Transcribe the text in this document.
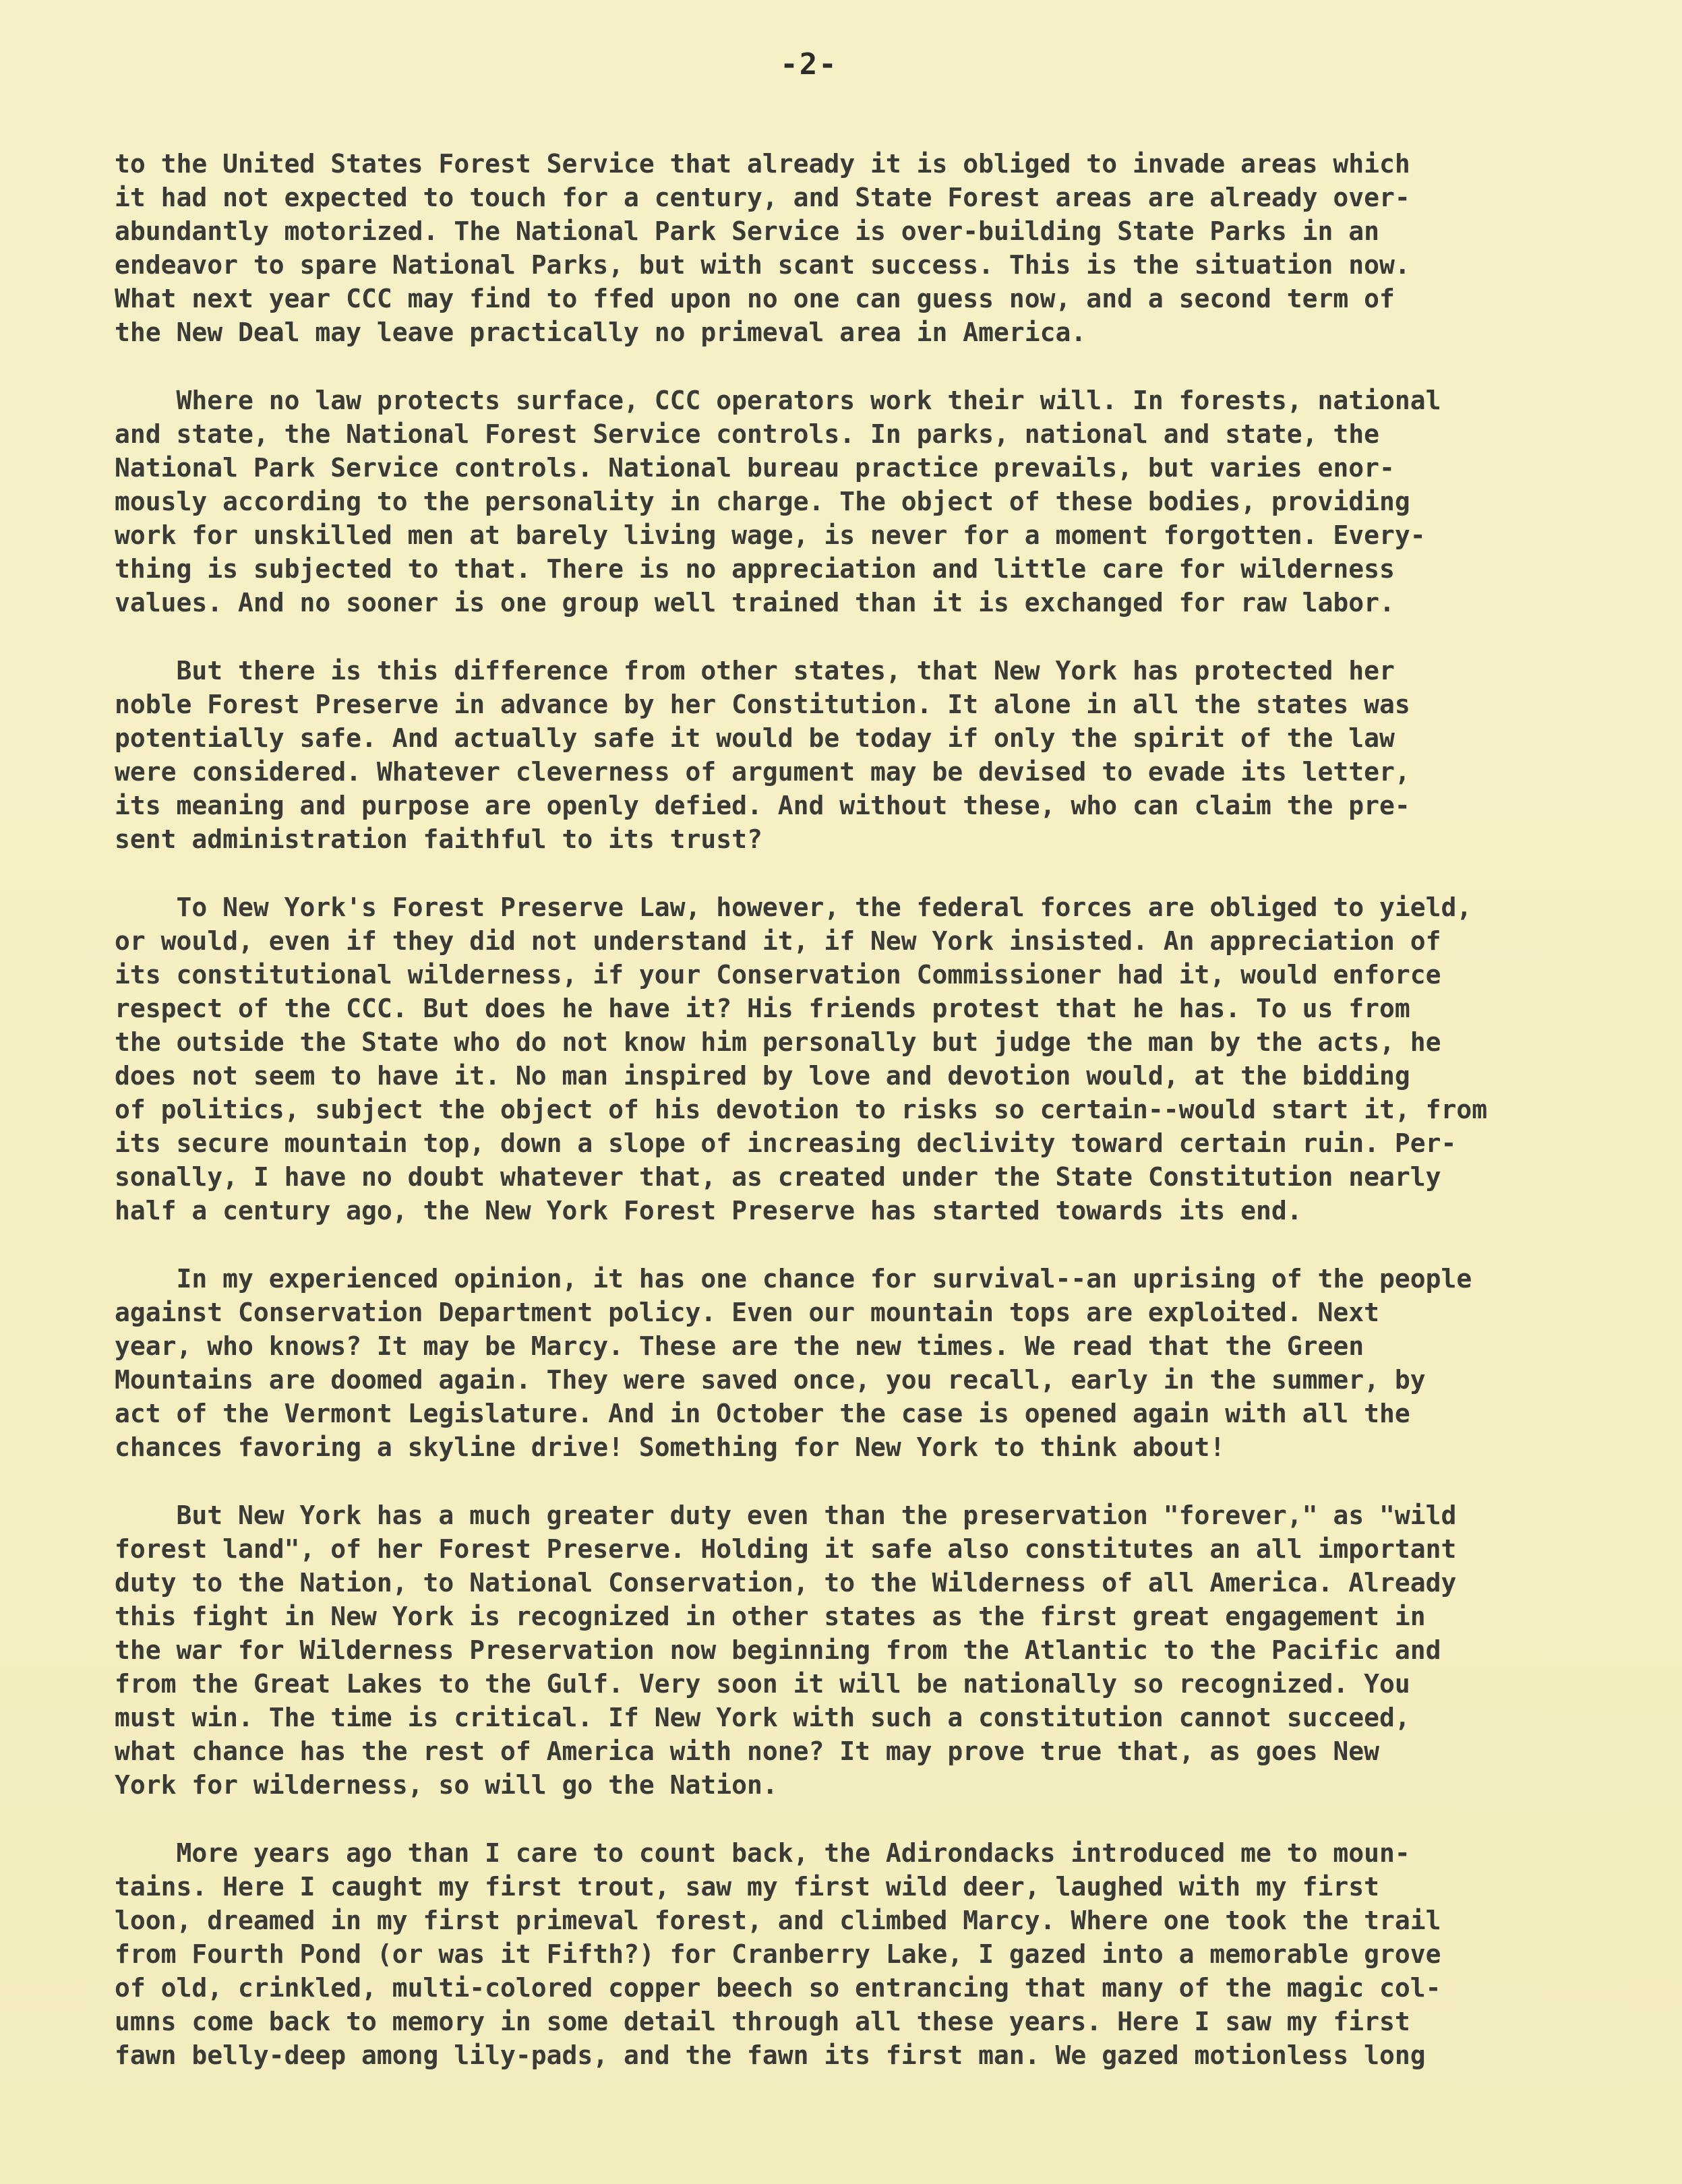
-2-
to the United States Forest Service that already it is obliged to invade areas which
it had not expected to touch for a century, and State Forest areas are already over-
abundantly motorized. The National Park Service is over-building State Parks in an
endeavor to spare National Parks, but with scant success. This is the situation now.
What next year CCC may find to ffed upon no one can guess now, and a second term of
the New Deal may leave practically no primeval area in America.
Where no law protects surface, CCC operators work their will. In forests, national
and state, the National Forest Service controls. In parks, national and state, the
National Park Service controls. National bureau practice prevails, but varies enor-
mously according to the personality in charge. The object of these bodies, providing
work for unskilled men at barely living wage, is never for a moment forgotten. Every-
thing is subjected to that. There is no appreciation and little care for wilderness
values. And no sooner is one group well trained than it is exchanged for raw labor.
But there is this difference from other states, that New York has protected her
noble Forest Preserve in advance by her Constitution. It alone in all the states was
potentially safe. And actually safe it would be today if only the spirit of the law
were considered. Whatever cleverness of argument may be devised to evade its letter,
its meaning and purpose are openly defied. And without these, who can claim the pre-
sent administration faithful to its trust?
To New York's Forest Preserve Law, however, the federal forces are obliged to yield,
or would, even if they did not understand it, if New York insisted. An appreciation of
its constitutional wilderness, if your Conservation Commissioner had it, would enforce
respect of the CCC. But does he have it? His friends protest that he has. To us from
the outside the State who do not know him personally but judge the man by the acts, he
does not seem to have it. No man inspired by love and devotion would, at the bidding
of politics, subject the object of his devotion to risks so certain--would start it, from
its secure mountain top, down a slope of increasing declivity toward certain ruin. Per-
sonally, I have no doubt whatever that, as created under the State Constitution nearly
half a century ago, the New York Forest Preserve has started towards its end.
In my experienced opinion, it has one chance for survival--an uprising of the people
against Conservation Department policy. Even our mountain tops are exploited. Next
year, who knows? It may be Marcy. These are the new times. We read that the Green
Mountains are doomed again. They were saved once, you recall, early in the summer, by
act of the Vermont Legislature. And in October the case is opened again with all the
chances favoring a skyline drive! Something for New York to think about!
But New York has a much greater duty even than the preservation "forever," as "wild
forest land", of her Forest Preserve. Holding it safe also constitutes an all important
duty to the Nation, to National Conservation, to the Wilderness of all America. Already
this fight in New York is recognized in other states as the first great engagement in
the war for Wilderness Preservation now beginning from the Atlantic to the Pacific and
from the Great Lakes to the Gulf. Very soon it will be nationally so recognized. You
must win. The time is critical. If New York with such a constitution cannot succeed,
what chance has the rest of America with none? It may prove true that, as goes New
York for wilderness, so will go the Nation.
More years ago than I care to count back, the Adirondacks introduced me to moun-
tains. Here I caught my first trout, saw my first wild deer, laughed with my first
loon, dreamed in my first primeval forest, and climbed Marcy. Where one took the trail
from Fourth Pond (or was it Fifth?) for Cranberry Lake, I gazed into a memorable grove
of old, crinkled, multi-colored copper beech so entrancing that many of the magic col-
umns come back to memory in some detail through all these years. Here I saw my first
fawn belly-deep among lily-pads, and the fawn its first man. We gazed motionless long
